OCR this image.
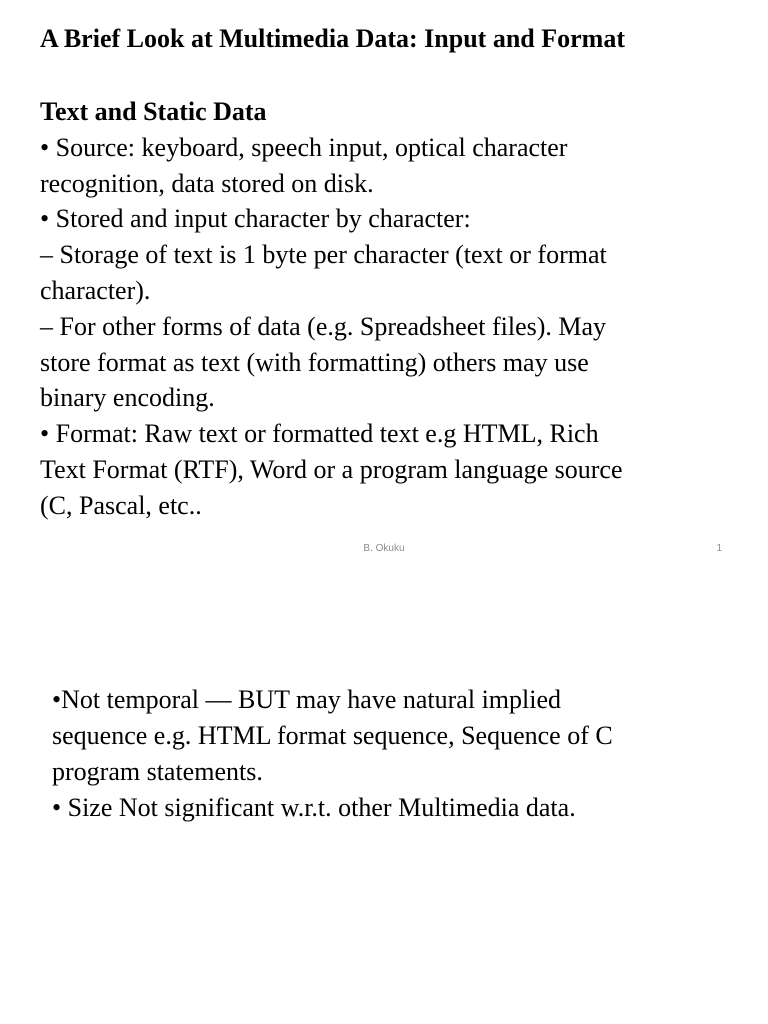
A Brief Look at Multimedia Data: Input and Format
Text and Static Data
• Source: keyboard, speech input, optical character
recognition, data stored on disk.
• Stored and input character by character:
– Storage of text is 1 byte per character (text or format
character).
– For other forms of data (e.g. Spreadsheet files). May
store format as text (with formatting) others may use
binary encoding.
• Format: Raw text or formatted text e.g HTML, Rich
Text Format (RTF), Word or a program language source
(C, Pascal, etc..
B. Okuku	1
•Not temporal — BUT may have natural implied
sequence e.g. HTML format sequence, Sequence of C
program statements.
• Size Not significant w.r.t. other Multimedia data.
